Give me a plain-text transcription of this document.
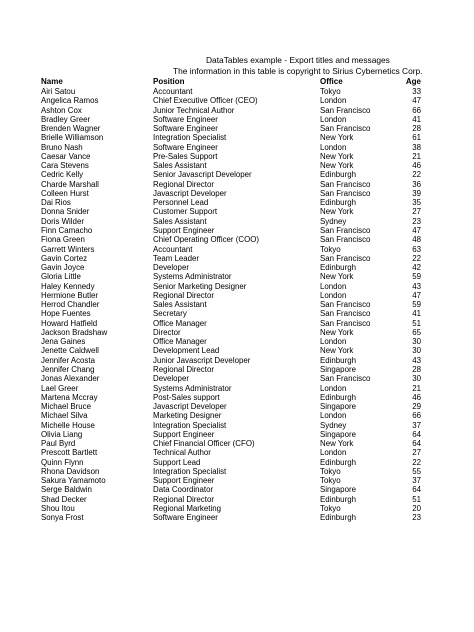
DataTables example - Export titles and messages
The information in this table is copyright to Sirius Cybernetics Corp.
Name	Position	Office	Age
Airi Satou	Accountant	Tokyo	33
Angelica Ramos	Chief Executive Officer (CEO)	London	47
Ashton Cox	Junior Technical Author	San Francisco	66
Bradley Greer	Software Engineer	London	41
Brenden Wagner	Software Engineer	San Francisco	28
Brielle Williamson	Integration Specialist	New York	61
Bruno Nash	Software Engineer	London	38
Caesar Vance	Pre-Sales Support	New York	21
Cara Stevens	Sales Assistant	New York	46
Cedric Kelly	Senior Javascript Developer	Edinburgh	22
Charde Marshall	Regional Director	San Francisco	36
Colleen Hurst	Javascript Developer	San Francisco	39
Dai Rios	Personnel Lead	Edinburgh	35
Donna Snider	Customer Support	New York	27
Doris Wilder	Sales Assistant	Sydney	23
Finn Camacho	Support Engineer	San Francisco	47
Fiona Green	Chief Operating Officer (COO)	San Francisco	48
Garrett Winters	Accountant	Tokyo	63
Gavin Cortez	Team Leader	San Francisco	22
Gavin Joyce	Developer	Edinburgh	42
Gloria Little	Systems Administrator	New York	59
Haley Kennedy	Senior Marketing Designer	London	43
Hermione Butler	Regional Director	London	47
Herrod Chandler	Sales Assistant	San Francisco	59
Hope Fuentes	Secretary	San Francisco	41
Howard Hatfield	Office Manager	San Francisco	51
Jackson Bradshaw	Director	New York	65
Jena Gaines	Office Manager	London	30
Jenette Caldwell	Development Lead	New York	30
Jennifer Acosta	Junior Javascript Developer	Edinburgh	43
Jennifer Chang	Regional Director	Singapore	28
Jonas Alexander	Developer	San Francisco	30
Lael Greer	Systems Administrator	London	21
Martena Mccray	Post-Sales support	Edinburgh	46
Michael Bruce	Javascript Developer	Singapore	29
Michael Silva	Marketing Designer	London	66
Michelle House	Integration Specialist	Sydney	37
Olivia Liang	Support Engineer	Singapore	64
Paul Byrd	Chief Financial Officer (CFO)	New York	64
Prescott Bartlett	Technical Author	London	27
Quinn Flynn	Support Lead	Edinburgh	22
Rhona Davidson	Integration Specialist	Tokyo	55
Sakura Yamamoto	Support Engineer	Tokyo	37
Serge Baldwin	Data Coordinator	Singapore	64
Shad Decker	Regional Director	Edinburgh	51
Shou Itou	Regional Marketing	Tokyo	20
Sonya Frost	Software Engineer	Edinburgh	23
